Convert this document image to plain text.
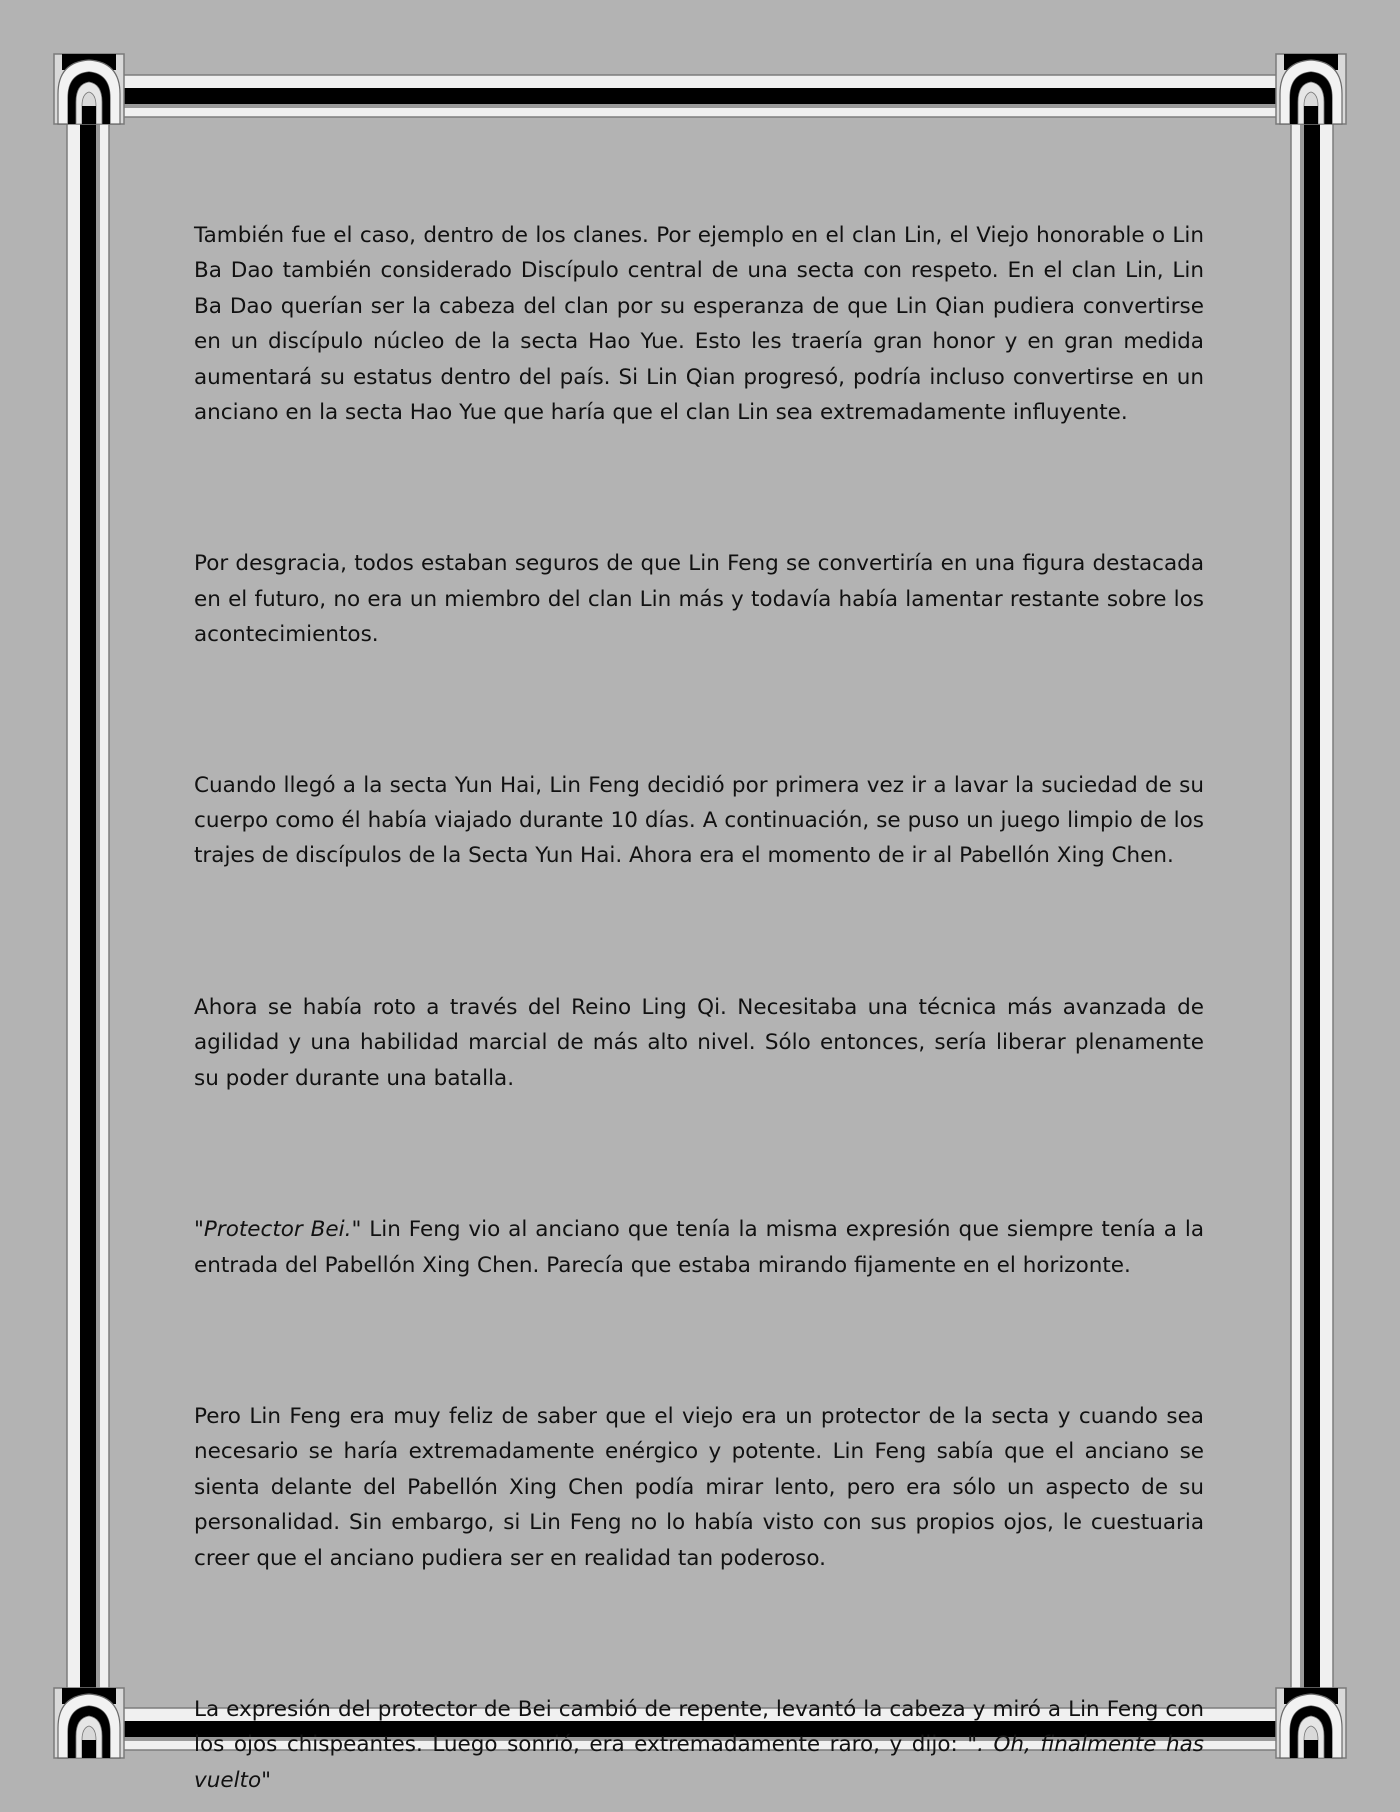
También fue el caso, dentro de los clanes. Por ejemplo en el clan Lin, el Viejo honorable o Lin Ba Dao también considerado Discípulo central de una secta con respeto. En el clan Lin, Lin Ba Dao querían ser la cabeza del clan por su esperanza de que Lin Qian pudiera convertirse en un discípulo núcleo de la secta Hao Yue. Esto les traería gran honor y en gran medida aumentará su estatus dentro del país. Si Lin Qian progresó, podría incluso convertirse en un anciano en la secta Hao Yue que haría que el clan Lin sea extremadamente influyente.

Por desgracia, todos estaban seguros de que Lin Feng se convertiría en una figura destacada en el futuro, no era un miembro del clan Lin más y todavía había lamentar restante sobre los acontecimientos.

Cuando llegó a la secta Yun Hai, Lin Feng decidió por primera vez ir a lavar la suciedad de su cuerpo como él había viajado durante 10 días. A continuación, se puso un juego limpio de los trajes de discípulos de la Secta Yun Hai. Ahora era el momento de ir al Pabellón Xing Chen.

Ahora se había roto a través del Reino Ling Qi. Necesitaba una técnica más avanzada de agilidad y una habilidad marcial de más alto nivel. Sólo entonces, sería liberar plenamente su poder durante una batalla.

"Protector Bei." Lin Feng vio al anciano que tenía la misma expresión que siempre tenía a la entrada del Pabellón Xing Chen. Parecía que estaba mirando fijamente en el horizonte.

Pero Lin Feng era muy feliz de saber que el viejo era un protector de la secta y cuando sea necesario se haría extremadamente enérgico y potente. Lin Feng sabía que el anciano se sienta delante del Pabellón Xing Chen podía mirar lento, pero era sólo un aspecto de su personalidad. Sin embargo, si Lin Feng no lo había visto con sus propios ojos, le cuestuaria creer que el anciano pudiera ser en realidad tan poderoso.

La expresión del protector de Bei cambió de repente, levantó la cabeza y miró a Lin Feng con los ojos chispeantes. Luego sonrió, era extremadamente raro, y dijo: ". Oh, finalmente has vuelto"
